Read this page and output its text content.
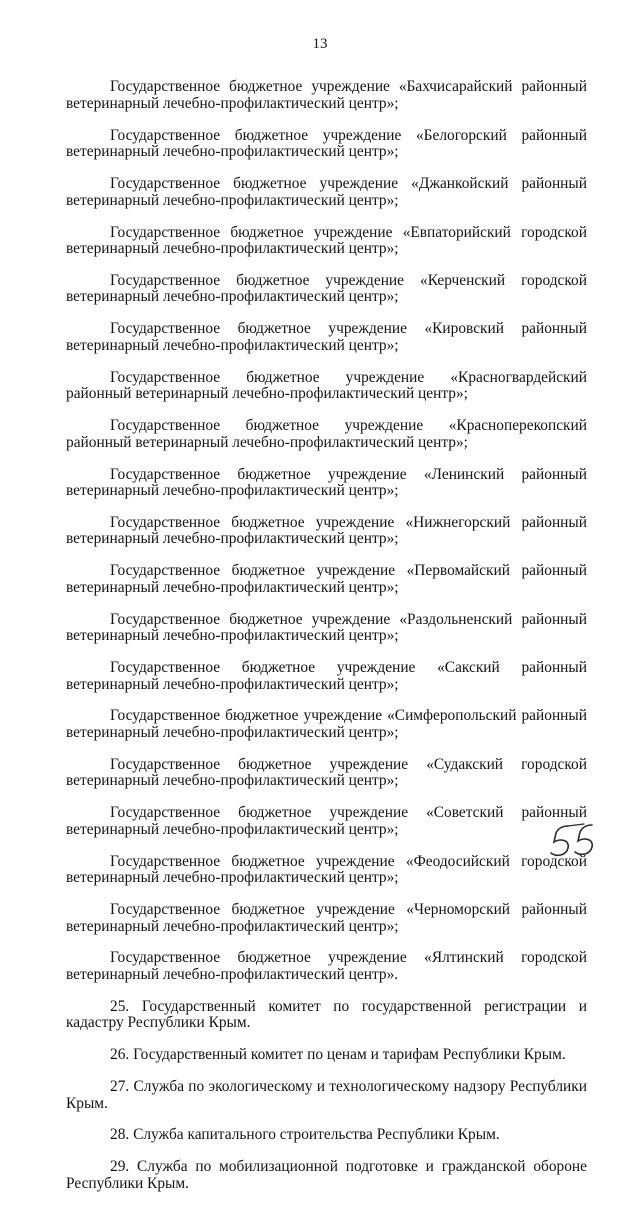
13

Государственное бюджетное учреждение «Бахчисарайский районный ветеринарный лечебно-профилактический центр»;

Государственное бюджетное учреждение «Белогорский районный ветеринарный лечебно-профилактический центр»;

Государственное бюджетное учреждение «Джанкойский районный ветеринарный лечебно-профилактический центр»;

Государственное бюджетное учреждение «Евпаторийский городской ветеринарный лечебно-профилактический центр»;

Государственное бюджетное учреждение «Керченский городской ветеринарный лечебно-профилактический центр»;

Государственное бюджетное учреждение «Кировский районный ветеринарный лечебно-профилактический центр»;

Государственное бюджетное учреждение «Красногвардейский районный ветеринарный лечебно-профилактический центр»;

Государственное бюджетное учреждение «Красноперекопский районный ветеринарный лечебно-профилактический центр»;

Государственное бюджетное учреждение «Ленинский районный ветеринарный лечебно-профилактический центр»;

Государственное бюджетное учреждение «Нижнегорский районный ветеринарный лечебно-профилактический центр»;

Государственное бюджетное учреждение «Первомайский районный ветеринарный лечебно-профилактический центр»;

Государственное бюджетное учреждение «Раздольненский районный ветеринарный лечебно-профилактический центр»;

Государственное бюджетное учреждение «Сакский районный ветеринарный лечебно-профилактический центр»;

Государственное бюджетное учреждение «Симферопольский районный ветеринарный лечебно-профилактический центр»;

Государственное бюджетное учреждение «Судакский городской ветеринарный лечебно-профилактический центр»;

Государственное бюджетное учреждение «Советский районный ветеринарный лечебно-профилактический центр»;

Государственное бюджетное учреждение «Феодосийский городской ветеринарный лечебно-профилактический центр»;

Государственное бюджетное учреждение «Черноморский районный ветеринарный лечебно-профилактический центр»;

Государственное бюджетное учреждение «Ялтинский городской ветеринарный лечебно-профилактический центр».

25. Государственный комитет по государственной регистрации и кадастру Республики Крым.

26. Государственный комитет по ценам и тарифам Республики Крым.

27. Служба по экологическому и технологическому надзору Республики Крым.

28. Служба капитального строительства Республики Крым.

29. Служба по мобилизационной подготовке и гражданской обороне Республики Крым.
